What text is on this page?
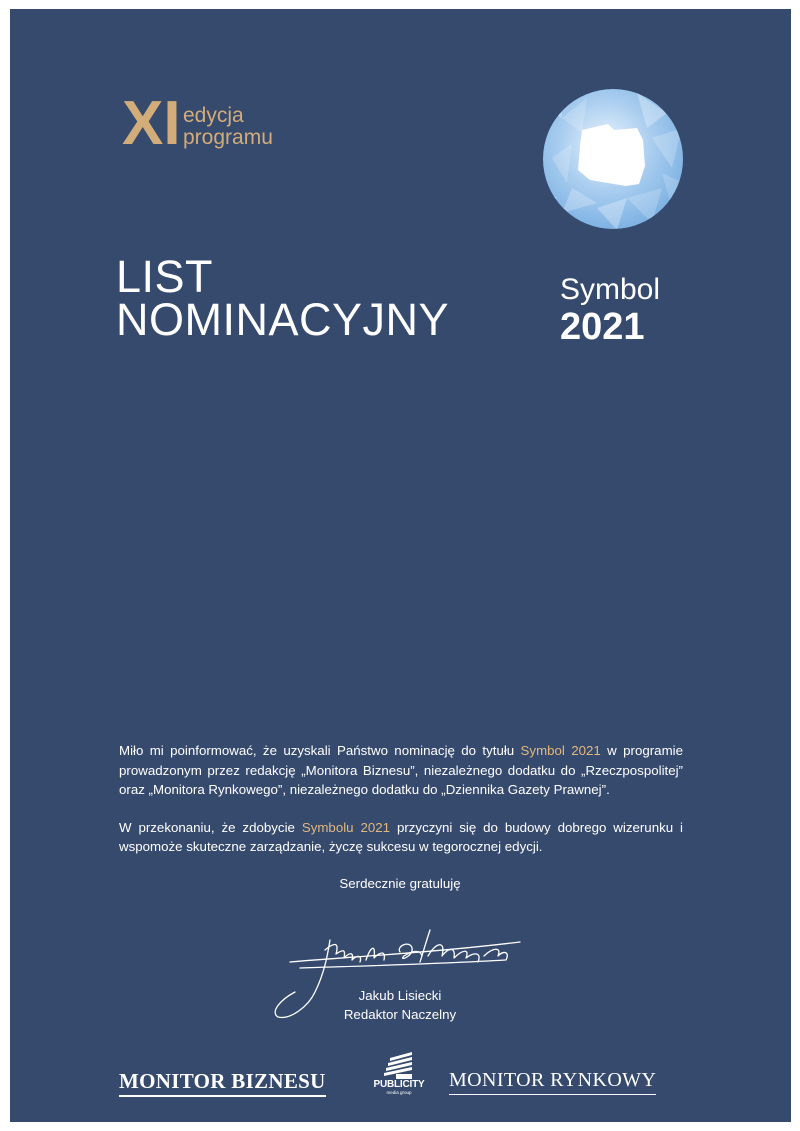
XI edycja
programu
LIST
NOMINACYJNY
Symbol
2021

Miło mi poinformować, że uzyskali Państwo nominację do tytułu Symbol 2021 w programie prowadzonym przez redakcję „Monitora Biznesu”, niezależnego dodatku do „Rzeczpospolitej” oraz „Monitora Rynkowego”, niezależnego dodatku do „Dziennika Gazety Prawnej”.

W przekonaniu, że zdobycie Symbolu 2021 przyczyni się do budowy dobrego wizerunku i wspomoże skuteczne zarządzanie, życzę sukcesu w tegorocznej edycji.

Serdecznie gratuluję
Jakub Lisiecki
Redaktor Naczelny
MONITOR BIZNESU	PUBLICITY
media group
MONITOR RYNKOWY
